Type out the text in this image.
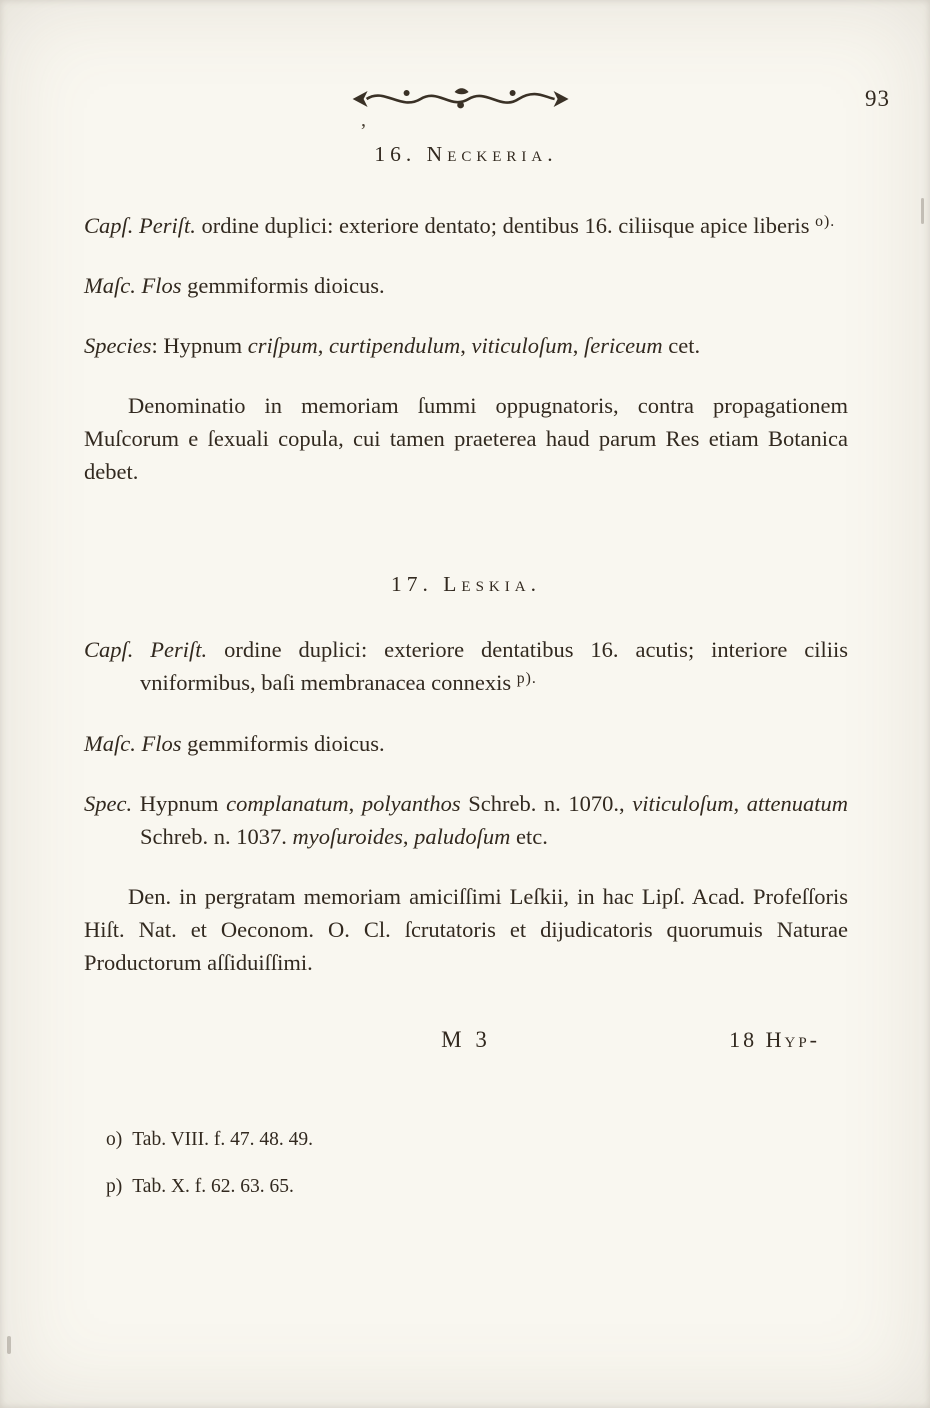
’
93
16. Neckeria.

Capſ. Periſt. ordine duplici: exteriore dentato; dentibus 16. ciliisque apice liberis $^{o).}$

Maſc. Flos gemmiformis dioicus.

Species: Hypnum criſpum, curtipendulum, viticuloſum, ſericeum cet.

Denominatio in memoriam ſummi oppugnatoris, contra propagationem Muſcorum e ſexuali copula, cui tamen praeterea haud parum Res etiam Botanica debet.

17. Leskia.

Capſ. Periſt. ordine duplici: exteriore dentatibus 16. acutis; interiore ciliis vniformibus, baſi membranacea connexis $^{p).}$

Maſc. Flos gemmiformis dioicus.

Spec. Hypnum complanatum, polyanthos Schreb. n. 1070., viticuloſum, attenuatum Schreb. n. 1037. myoſuroides, paludoſum etc.

Den. in pergratam memoriam amiciſſimi Leſkii, in hac Lipſ. Acad. Profeſſoris Hiſt. Nat. et Oeconom. O. Cl. ſcrutatoris et dijudicatoris quorumuis Naturae Productorum aſſiduiſſimi.

M 3	18 Hyp-

o) Tab. VIII. f. 47. 48. 49.

p) Tab. X. f. 62. 63. 65.
